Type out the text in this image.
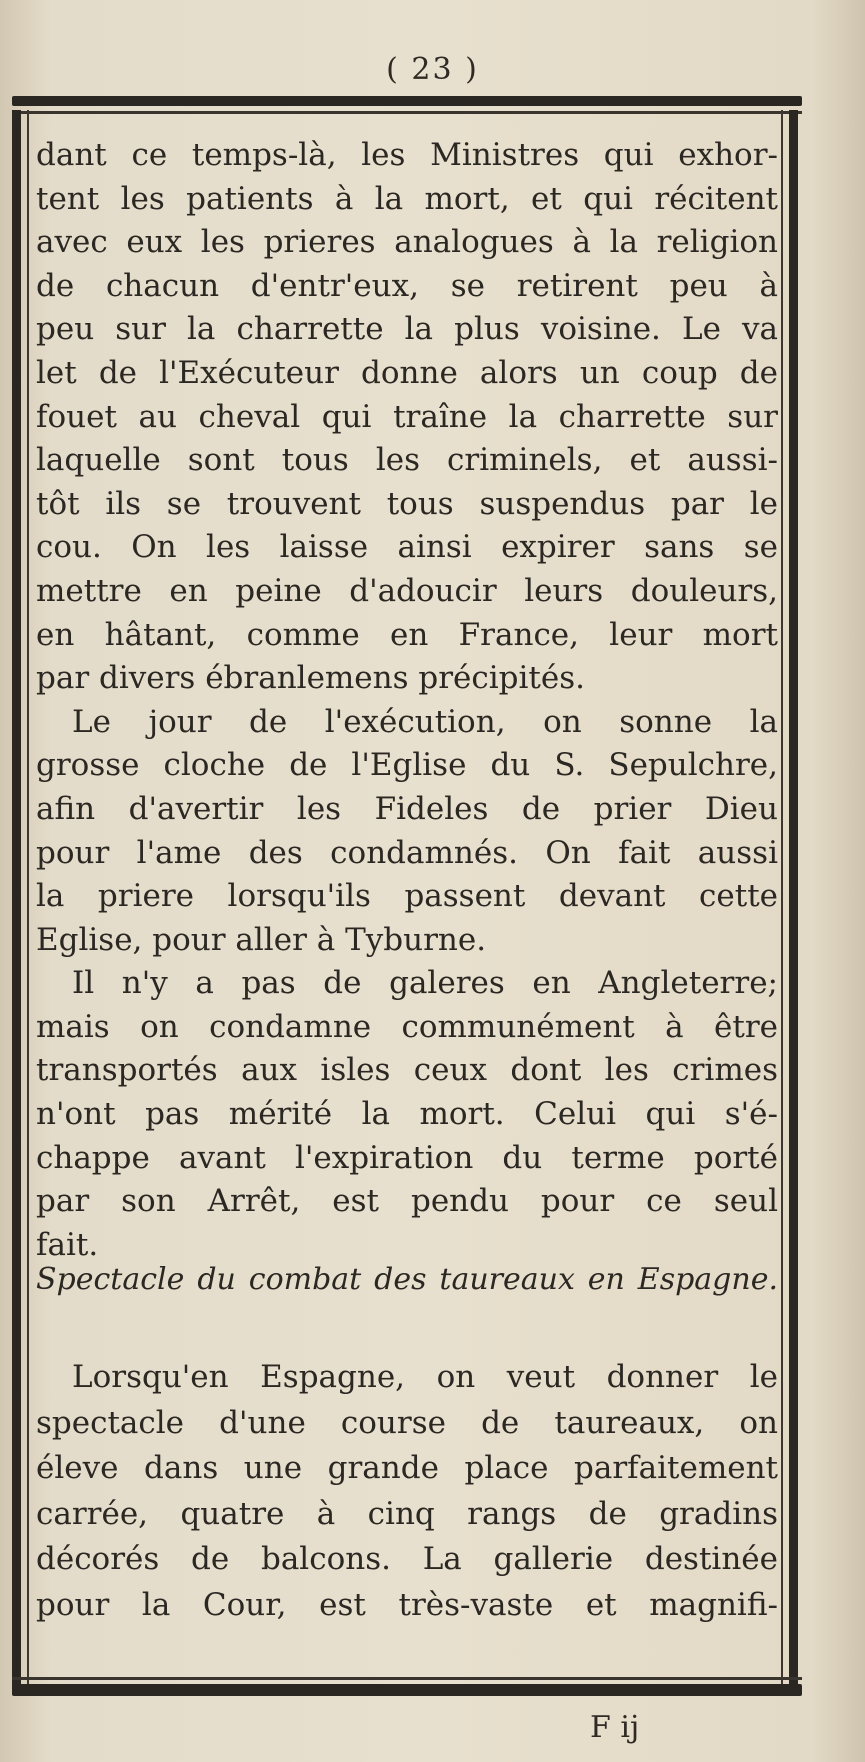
( 23 )
dant ce temps-là, les Ministres qui exhor-
tent les patients à la mort, et qui récitent
avec eux les prieres analogues à la religion
de chacun d'entr'eux, se retirent peu à
peu sur la charrette la plus voisine. Le va
let de l'Exécuteur donne alors un coup de
fouet au cheval qui traîne la charrette sur
laquelle sont tous les criminels, et aussi-
tôt ils se trouvent tous suspendus par le
cou. On les laisse ainsi expirer sans se
mettre en peine d'adoucir leurs douleurs,
en hâtant, comme en France, leur mort
par divers ébranlemens précipités.
Le jour de l'exécution, on sonne la
grosse cloche de l'Eglise du S. Sepulchre,
afin d'avertir les Fideles de prier Dieu
pour l'ame des condamnés. On fait aussi
la priere lorsqu'ils passent devant cette
Eglise, pour aller à Tyburne.
Il n'y a pas de galeres en Angleterre;
mais on condamne communément à être
transportés aux isles ceux dont les crimes
n'ont pas mérité la mort. Celui qui s'é-
chappe avant l'expiration du terme porté
par son Arrêt, est pendu pour ce seul
fait.
Spectacle du combat des taureaux en Espagne.
Lorsqu'en Espagne, on veut donner le
spectacle d'une course de taureaux, on
éleve dans une grande place parfaitement
carrée, quatre à cinq rangs de gradins
décorés de balcons. La gallerie destinée
pour la Cour, est très-vaste et magnifi-
F ij
